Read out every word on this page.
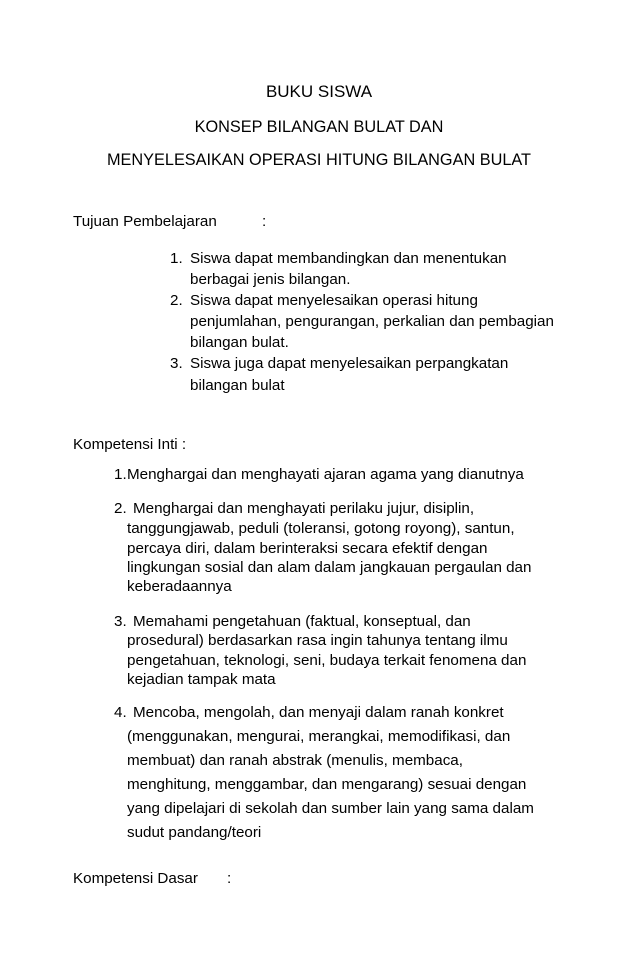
BUKU SISWA
KONSEP BILANGAN BULAT DAN
MENYELESAIKAN OPERASI HITUNG BILANGAN BULAT
Tujuan Pembelajaran	:
1. Siswa dapat membandingkan dan menentukan
berbagai jenis bilangan.
2. Siswa dapat menyelesaikan operasi hitung
penjumlahan, pengurangan, perkalian dan pembagian
bilangan bulat.
3. Siswa juga dapat menyelesaikan perpangkatan
bilangan bulat
Kompetensi Inti :
1. Menghargai dan menghayati ajaran agama yang dianutnya
2. Menghargai dan menghayati perilaku jujur, disiplin,
tanggungjawab, peduli (toleransi, gotong royong), santun,
percaya diri, dalam berinteraksi secara efektif dengan
lingkungan sosial dan alam dalam jangkauan pergaulan dan
keberadaannya
3. Memahami pengetahuan (faktual, konseptual, dan
prosedural) berdasarkan rasa ingin tahunya tentang ilmu
pengetahuan, teknologi, seni, budaya terkait fenomena dan
kejadian tampak mata
4. Mencoba, mengolah, dan menyaji dalam ranah konkret
(menggunakan, mengurai, merangkai, memodifikasi, dan
membuat) dan ranah abstrak (menulis, membaca,
menghitung, menggambar, dan mengarang) sesuai dengan
yang dipelajari di sekolah dan sumber lain yang sama dalam
sudut pandang/teori
Kompetensi Dasar :
